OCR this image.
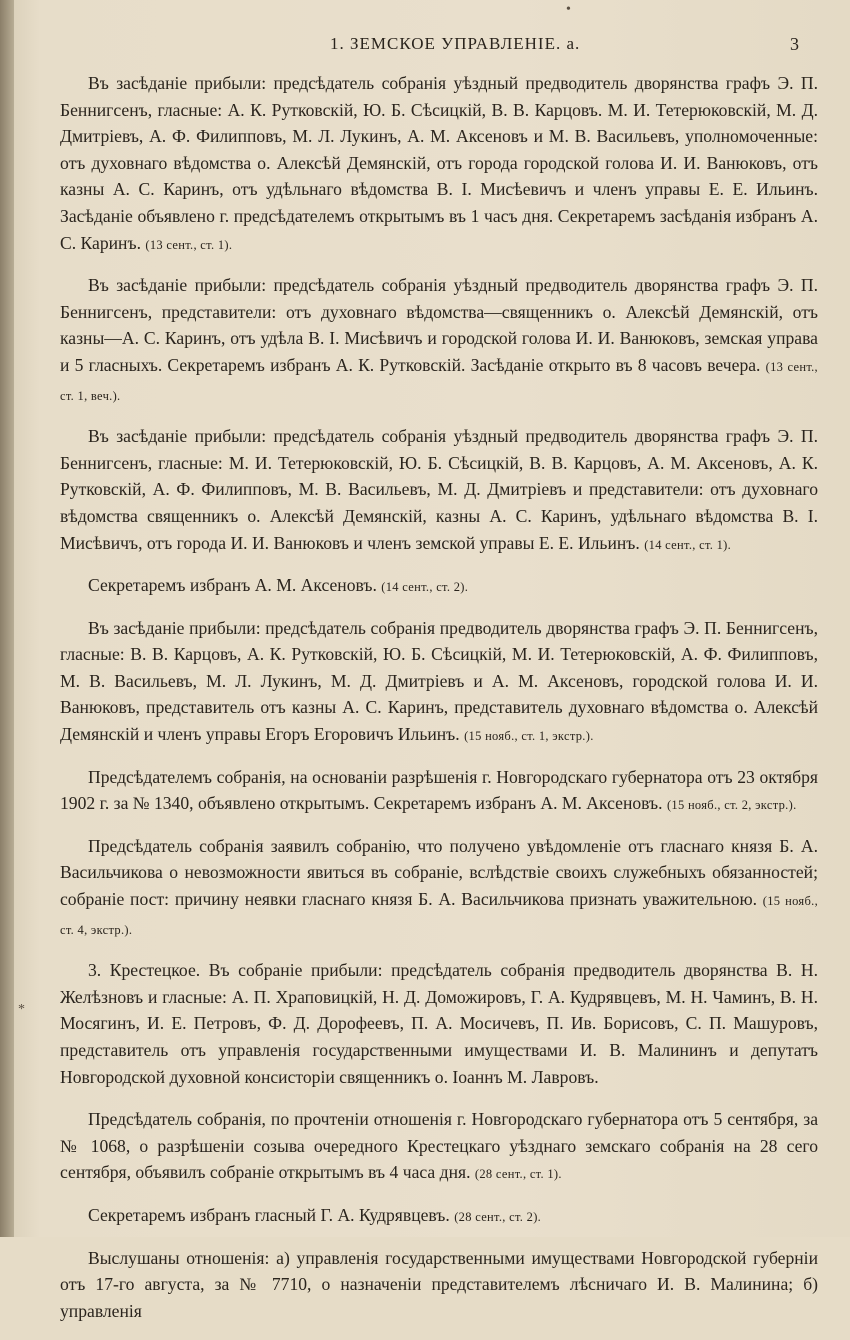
•
*
1. ЗЕМСКОЕ УПРАВЛЕНІЕ. а.	3

Въ засѣданіе прибыли: предсѣдатель собранія уѣздный предводитель дворянства графъ Э. П. Беннигсенъ, гласные: А. К. Рутковскій, Ю. Б. Сѣсицкій, В. В. Карцовъ. М. И. Тетерюковскій, М. Д. Дмитріевъ, А. Ф. Филипповъ, М. Л. Лукинъ, А. М. Аксеновъ и М. В. Васильевъ, уполномоченные: отъ духовнаго вѣдомства о. Алексѣй Демянскій, отъ города городской голова И. И. Ванюковъ, отъ казны А. С. Каринъ, отъ удѣльнаго вѣдомства В. І. Мисѣевичъ и членъ управы Е. Е. Ильинъ. Засѣданіе объявлено г. предсѣдателемъ открытымъ въ 1 часъ дня. Секретаремъ засѣданія избранъ А. С. Каринъ. (13 сент., ст. 1).

Въ засѣданіе прибыли: предсѣдатель собранія уѣздный предводитель дворянства графъ Э. П. Беннигсенъ, представители: отъ духовнаго вѣдомства—священникъ о. Алексѣй Демянскій, отъ казны—А. С. Каринъ, отъ удѣла В. І. Мисѣвичъ и городской голова И. И. Ванюковъ, земская управа и 5 гласныхъ. Секретаремъ избранъ А. К. Рутковскій. Засѣданіе открыто въ 8 часовъ вечера. (13 сент., ст. 1, веч.).

Въ засѣданіе прибыли: предсѣдатель собранія уѣздный предводитель дворянства графъ Э. П. Беннигсенъ, гласные: М. И. Тетерюковскій, Ю. Б. Сѣсицкій, В. В. Карцовъ, А. М. Аксеновъ, А. К. Рутковскій, А. Ф. Филипповъ, М. В. Васильевъ, М. Д. Дмитріевъ и представители: отъ духовнаго вѣдомства священникъ о. Алексѣй Демянскій, казны А. С. Каринъ, удѣльнаго вѣдомства В. І. Мисѣвичъ, отъ города И. И. Ванюковъ и членъ земской управы Е. Е. Ильинъ. (14 сент., ст. 1).

Секретаремъ избранъ А. М. Аксеновъ. (14 сент., ст. 2).

Въ засѣданіе прибыли: предсѣдатель собранія предводитель дворянства графъ Э. П. Беннигсенъ, гласные: В. В. Карцовъ, А. К. Рутковскій, Ю. Б. Сѣсицкій, М. И. Тетерюковскій, А. Ф. Филипповъ, М. В. Васильевъ, М. Л. Лукинъ, М. Д. Дмитріевъ и А. М. Аксеновъ, городской голова И. И. Ванюковъ, представитель отъ казны А. С. Каринъ, представитель духовнаго вѣдомства о. Алексѣй Демянскій и членъ управы Егоръ Егоровичъ Ильинъ. (15 нояб., ст. 1, экстр.).

Предсѣдателемъ собранія, на основаніи разрѣшенія г. Новгородскаго губернатора отъ 23 октября 1902 г. за № 1340, объявлено открытымъ. Секретаремъ избранъ А. М. Аксеновъ. (15 нояб., ст. 2, экстр.).

Предсѣдатель собранія заявилъ собранію, что получено увѣдомленіе отъ гласнаго князя Б. А. Васильчикова о невозможности явиться въ собраніе, вслѣдствіе своихъ служебныхъ обязанностей; собраніе пост: причину неявки гласнаго князя Б. А. Васильчикова признать уважительною. (15 нояб., ст. 4, экстр.).

3. Крестецкое. Въ собраніе прибыли: предсѣдатель собранія предводитель дворянства В. Н. Желѣзновъ и гласные: А. П. Храповицкій, Н. Д. Доможировъ, Г. А. Кудрявцевъ, М. Н. Чаминъ, В. Н. Мосягинъ, И. Е. Петровъ, Ф. Д. Дорофеевъ, П. А. Мосичевъ, П. Ив. Борисовъ, С. П. Машуровъ, представитель отъ управленія государственными имуществами И. В. Малининъ и депутатъ Новгородской духовной консисторіи священникъ о. Іоаннъ М. Лавровъ.

Предсѣдатель собранія, по прочтеніи отношенія г. Новгородскаго губернатора отъ 5 сентября, за № 1068, о разрѣшеніи созыва очередного Крестецкаго уѣзднаго земскаго собранія на 28 сего сентября, объявилъ собраніе открытымъ въ 4 часа дня. (28 сент., ст. 1).

Секретаремъ избранъ гласный Г. А. Кудрявцевъ. (28 сент., ст. 2).

Выслушаны отношенія: а) управленія государственными имуществами Новгородской губерніи отъ 17-го августа, за № 7710, о назначеніи представителемъ лѣсничаго И. В. Малинина; б) управленія
